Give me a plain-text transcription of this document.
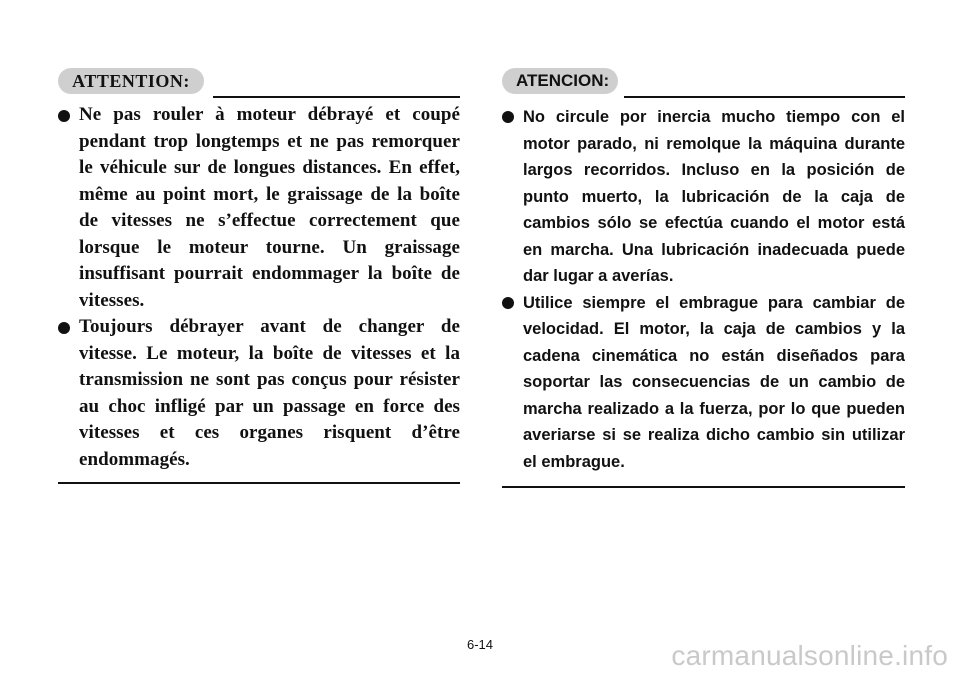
ATTENTION:
Ne pas rouler à moteur débrayé et coupé pendant trop longtemps et ne pas remorquer le véhicule sur de longues distances. En effet, même au point mort, le graissage de la boîte de vitesses ne s’effectue correctement que lorsque le moteur tourne. Un graissage insuffisant pourrait endommager la boîte de vitesses.
Toujours débrayer avant de changer de vitesse. Le moteur, la boîte de vitesses et la transmission ne sont pas conçus pour résister au choc infligé par un passage en force des vitesses et ces organes risquent d’être endommagés.
ATENCION:
No circule por inercia mucho tiempo con el motor parado, ni remolque la máquina durante largos recorridos. Incluso en la posición de punto muerto, la lubricación de la caja de cambios sólo se efectúa cuando el motor está en marcha. Una lubricación inadecuada puede dar lugar a averías.
Utilice siempre el embrague para cambiar de velocidad. El motor, la caja de cambios y la cadena cinemática no están diseñados para soportar las consecuencias de un cambio de marcha realizado a la fuerza, por lo que pueden averiarse si se realiza dicho cambio sin utilizar el embrague.
6-14	carmanualsonline.info
